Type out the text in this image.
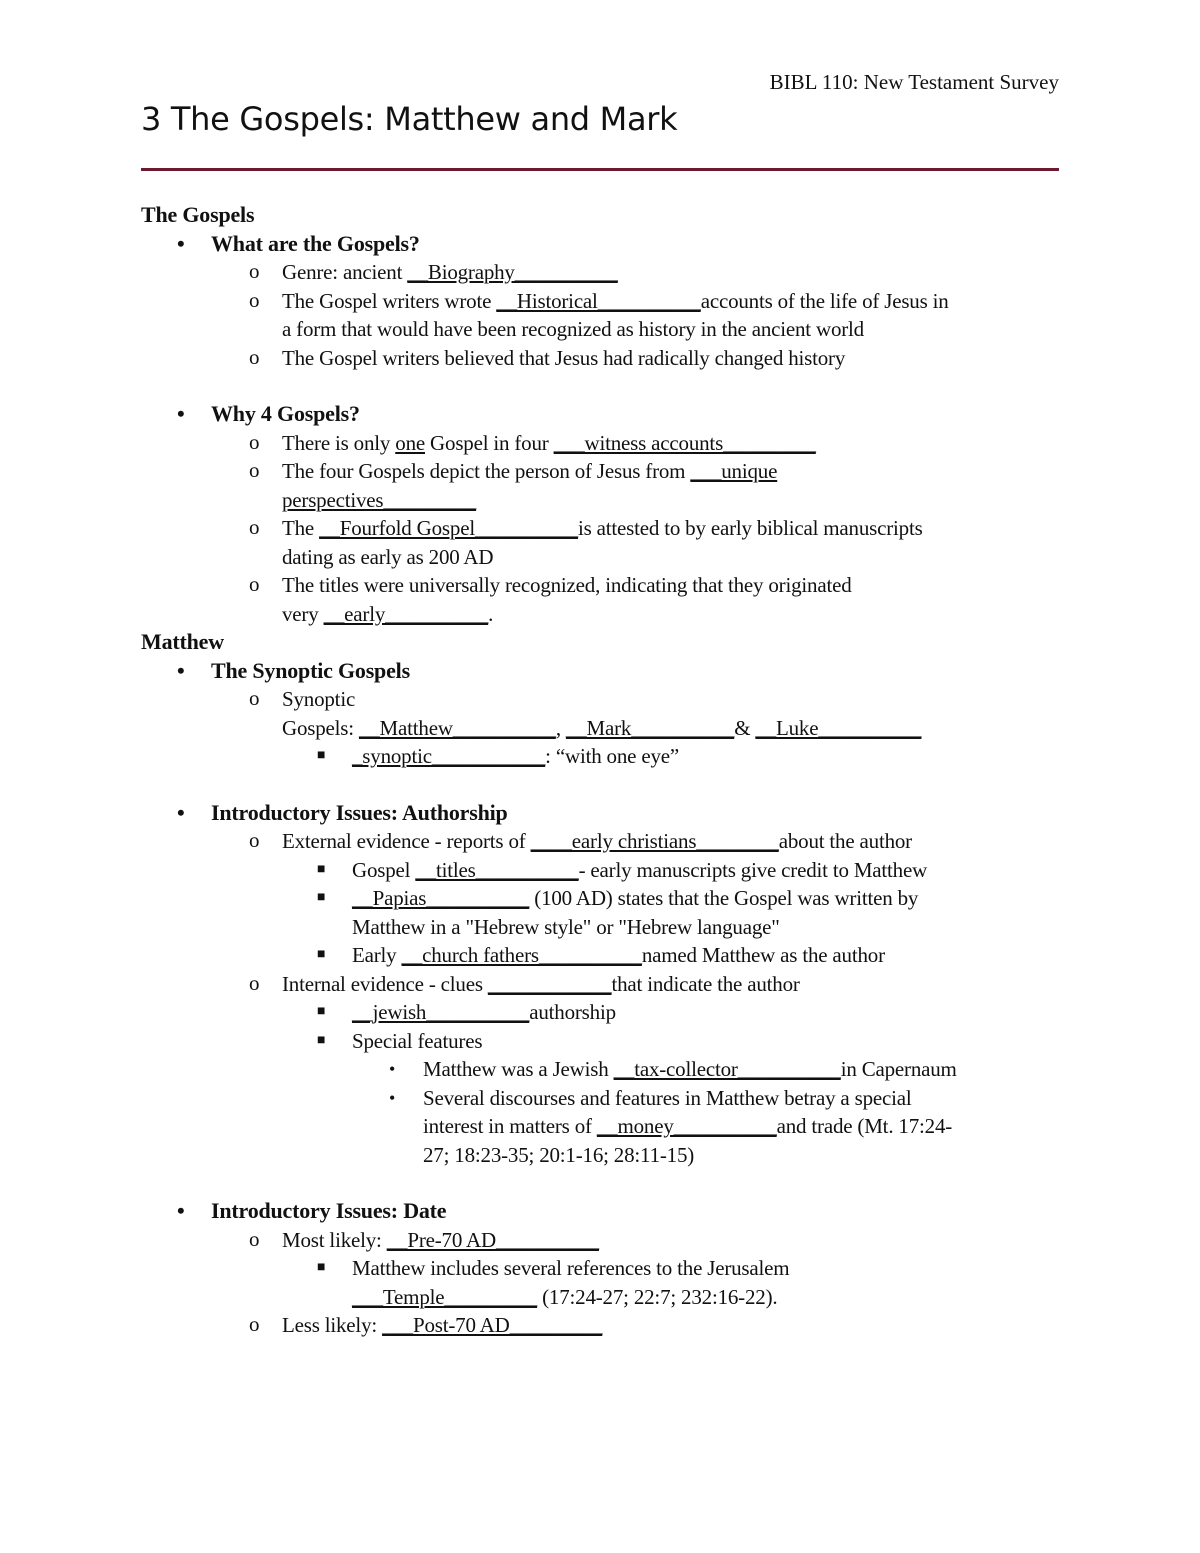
BIBL 110: New Testament Survey
3 The Gospels: Matthew and Mark
The Gospels
• What are the Gospels?
o Genre: ancient __Biography__________
o The Gospel writers wrote __Historical__________accounts of the life of Jesus in
a form that would have been recognized as history in the ancient world
o The Gospel writers believed that Jesus had radically changed history
• Why 4 Gospels?
o There is only one Gospel in four ___witness accounts_________
o The four Gospels depict the person of Jesus from ___unique
perspectives_________
o The __Fourfold Gospel__________is attested to by early biblical manuscripts
dating as early as 200 AD
o The titles were universally recognized, indicating that they originated
very __early__________.
Matthew
• The Synoptic Gospels
o Synoptic
Gospels: __Matthew__________, __Mark__________& __Luke__________
■ _synoptic___________: “with one eye”
• Introductory Issues: Authorship
o External evidence - reports of ____early christians________about the author
■ Gospel __titles__________- early manuscripts give credit to Matthew
■ __Papias__________ (100 AD) states that the Gospel was written by
Matthew in a "Hebrew style" or "Hebrew language"
■ Early __church fathers__________named Matthew as the author
o Internal evidence - clues ____________that indicate the author
■ __jewish__________authorship
■ Special features
• Matthew was a Jewish __tax-collector__________in Capernaum
• Several discourses and features in Matthew betray a special
interest in matters of __money__________and trade (Mt. 17:24-
27; 18:23-35; 20:1-16; 28:11-15)
• Introductory Issues: Date
o Most likely: __Pre-70 AD__________
■ Matthew includes several references to the Jerusalem
___Temple_________ (17:24-27; 22:7; 232:16-22).
o Less likely: ___Post-70 AD_________
